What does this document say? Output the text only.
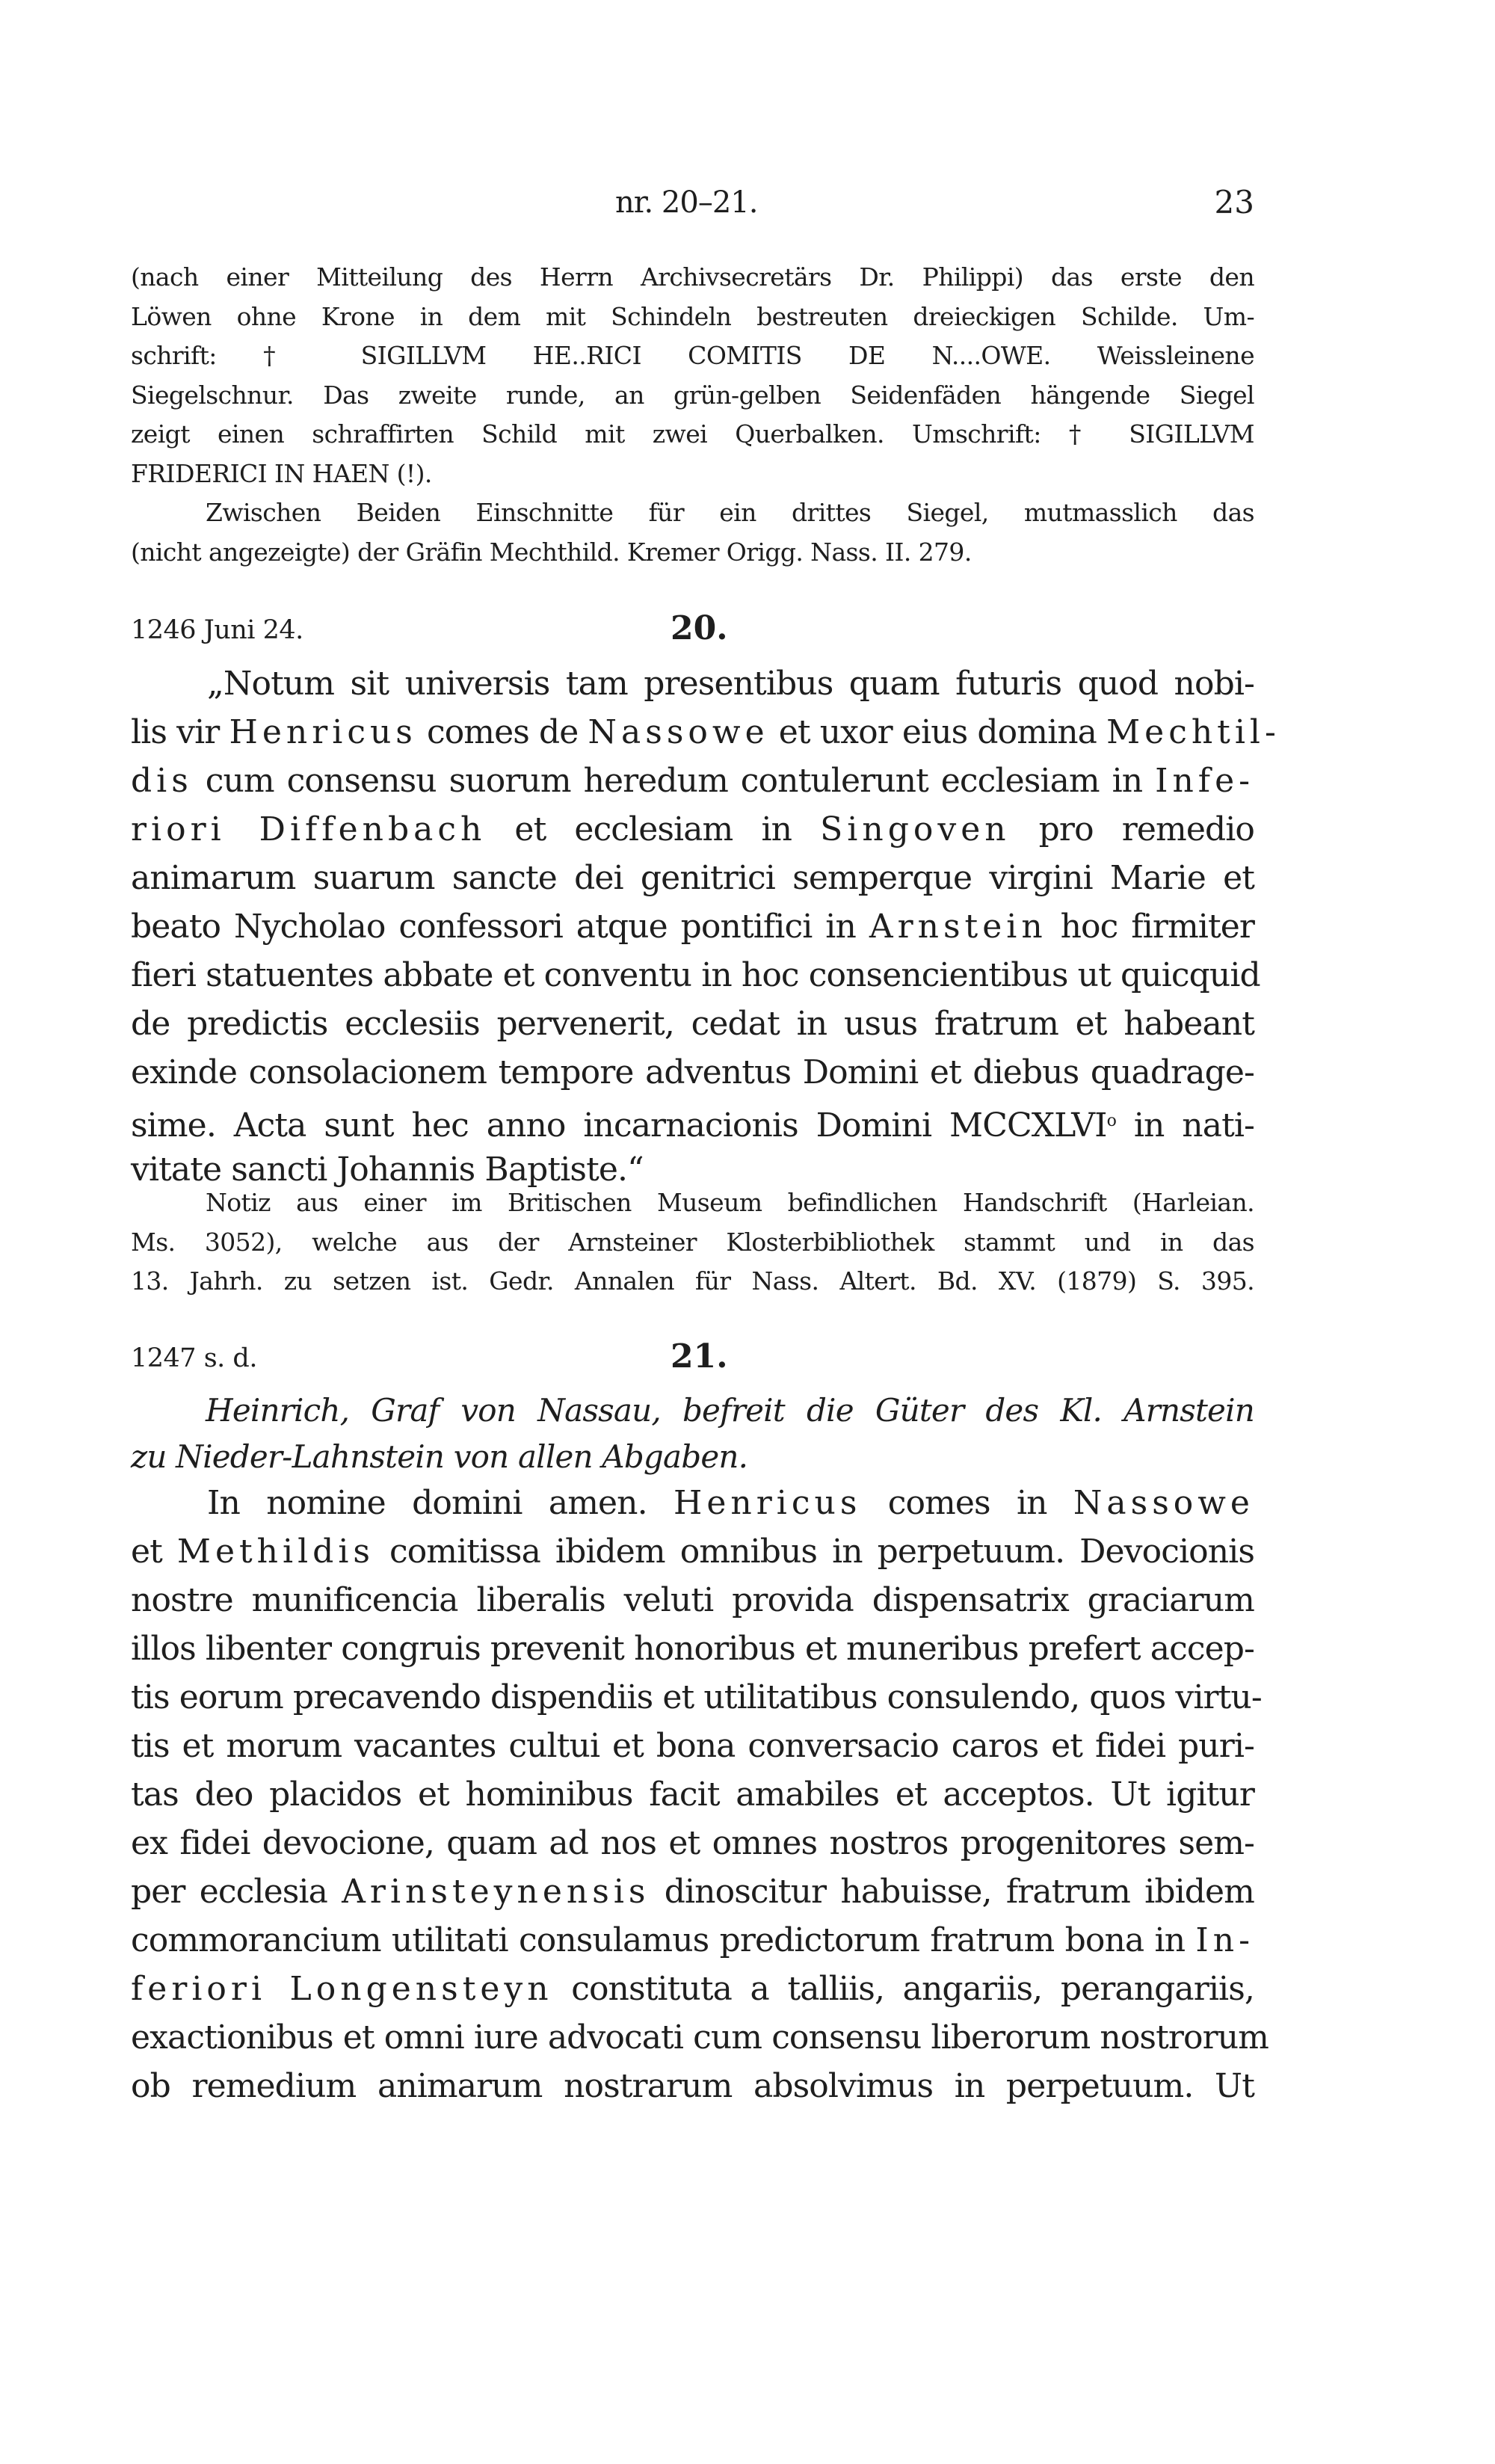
nr. 20–21.	23
(nach einer Mitteilung des Herrn Archivsecretärs Dr. Philippi) das erste den
Löwen ohne Krone in dem mit Schindeln bestreuten dreieckigen Schilde. Um-
schrift: † SIGILLVM HE..RICI COMITIS DE N....OWE. Weissleinene
Siegelschnur. Das zweite runde, an grün-gelben Seidenfäden hängende Siegel
zeigt einen schraffirten Schild mit zwei Querbalken. Umschrift: † SIGILLVM
FRIDERICI IN HAEN (!).
Zwischen Beiden Einschnitte für ein drittes Siegel, mutmasslich das
(nicht angezeigte) der Gräfin Mechthild. Kremer Origg. Nass. II. 279.
1246 Juni 24.	20.
„Notum sit universis tam presentibus quam futuris quod nobi-
lis vir Henricus comes de Nassowe et uxor eius domina Mechtil-
dis cum consensu suorum heredum contulerunt ecclesiam in Infe-
riori Diffenbach et ecclesiam in Singoven pro remedio
animarum suarum sancte dei genitrici semperque virgini Marie et
beato Nycholao confessori atque pontifici in Arnstein hoc firmiter
fieri statuentes abbate et conventu in hoc consencientibus ut quicquid
de predictis ecclesiis pervenerit, cedat in usus fratrum et habeant
exinde consolacionem tempore adventus Domini et diebus quadrage-
sime. Acta sunt hec anno incarnacionis Domini MCCXLVI$^o$ in nati-
vitate sancti Johannis Baptiste.“
Notiz aus einer im Britischen Museum befindlichen Handschrift (Harleian.
Ms. 3052), welche aus der Arnsteiner Klosterbibliothek stammt und in das
13. Jahrh. zu setzen ist. Gedr. Annalen für Nass. Altert. Bd. XV. (1879) S. 395.
1247 s. d.	21.
Heinrich, Graf von Nassau, befreit die Güter des Kl. Arnstein
zu Nieder-Lahnstein von allen Abgaben.
In nomine domini amen. Henricus comes in Nassowe
et Methildis comitissa ibidem omnibus in perpetuum. Devocionis
nostre munificencia liberalis veluti provida dispensatrix graciarum
illos libenter congruis prevenit honoribus et muneribus prefert accep-
tis eorum precavendo dispendiis et utilitatibus consulendo, quos virtu-
tis et morum vacantes cultui et bona conversacio caros et fidei puri-
tas deo placidos et hominibus facit amabiles et acceptos. Ut igitur
ex fidei devocione, quam ad nos et omnes nostros progenitores sem-
per ecclesia Arinsteynensis dinoscitur habuisse, fratrum ibidem
commorancium utilitati consulamus predictorum fratrum bona in In-
feriori Longensteyn constituta a talliis, angariis, perangariis,
exactionibus et omni iure advocati cum consensu liberorum nostrorum
ob remedium animarum nostrarum absolvimus in perpetuum. Ut
